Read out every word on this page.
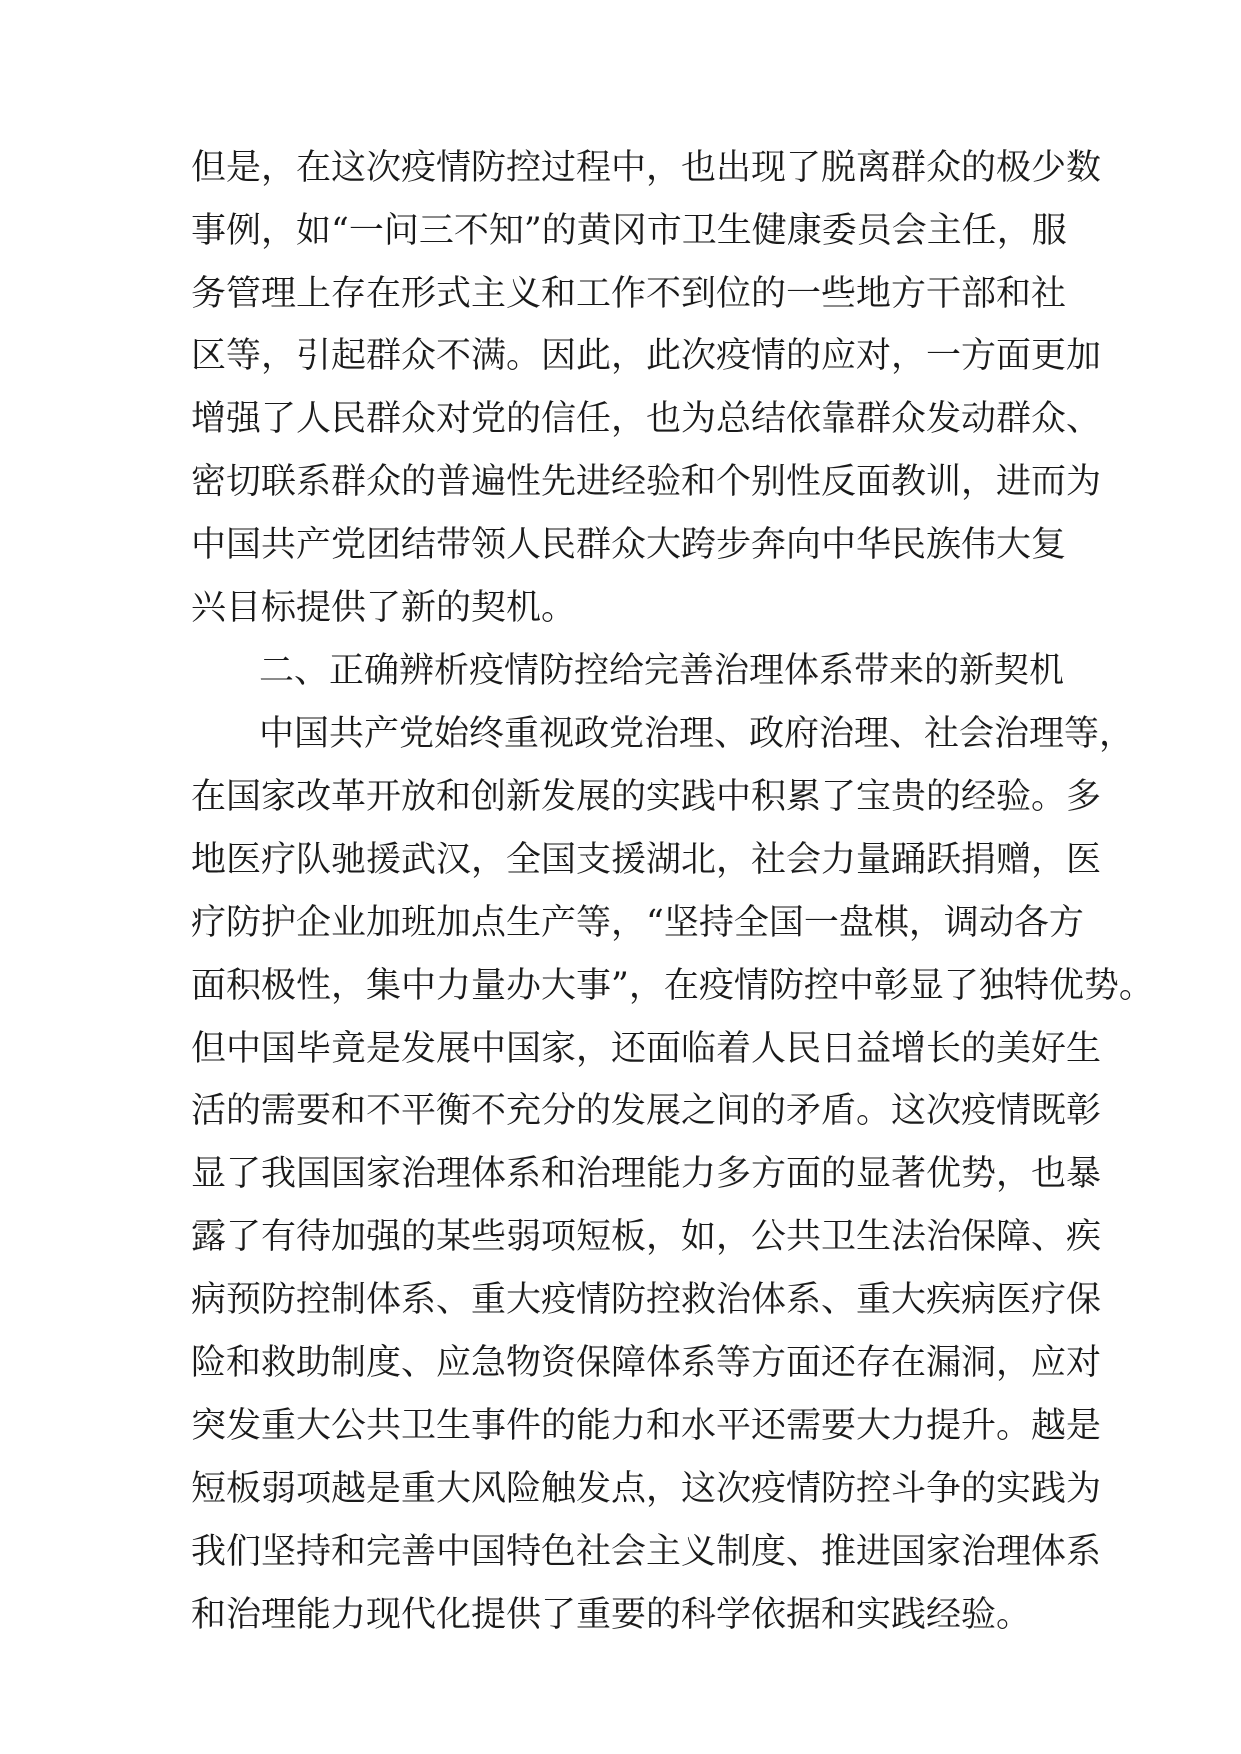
但是，在这次疫情防控过程中，也出现了脱离群众的极少数
事例，如“一问三不知”的黄冈市卫生健康委员会主任，服
务管理上存在形式主义和工作不到位的一些地方干部和社
区等，引起群众不满。因此，此次疫情的应对，一方面更加
增强了人民群众对党的信任，也为总结依靠群众发动群众、
密切联系群众的普遍性先进经验和个别性反面教训，进而为
中国共产党团结带领人民群众大跨步奔向中华民族伟大复
兴目标提供了新的契机。
二、正确辨析疫情防控给完善治理体系带来的新契机
中国共产党始终重视政党治理、政府治理、社会治理等，
在国家改革开放和创新发展的实践中积累了宝贵的经验。多
地医疗队驰援武汉，全国支援湖北，社会力量踊跃捐赠，医
疗防护企业加班加点生产等，“坚持全国一盘棋，调动各方
面积极性，集中力量办大事”，在疫情防控中彰显了独特优势。
但中国毕竟是发展中国家，还面临着人民日益增长的美好生
活的需要和不平衡不充分的发展之间的矛盾。这次疫情既彰
显了我国国家治理体系和治理能力多方面的显著优势，也暴
露了有待加强的某些弱项短板，如，公共卫生法治保障、疾
病预防控制体系、重大疫情防控救治体系、重大疾病医疗保
险和救助制度、应急物资保障体系等方面还存在漏洞，应对
突发重大公共卫生事件的能力和水平还需要大力提升。越是
短板弱项越是重大风险触发点，这次疫情防控斗争的实践为
我们坚持和完善中国特色社会主义制度、推进国家治理体系
和治理能力现代化提供了重要的科学依据和实践经验。
